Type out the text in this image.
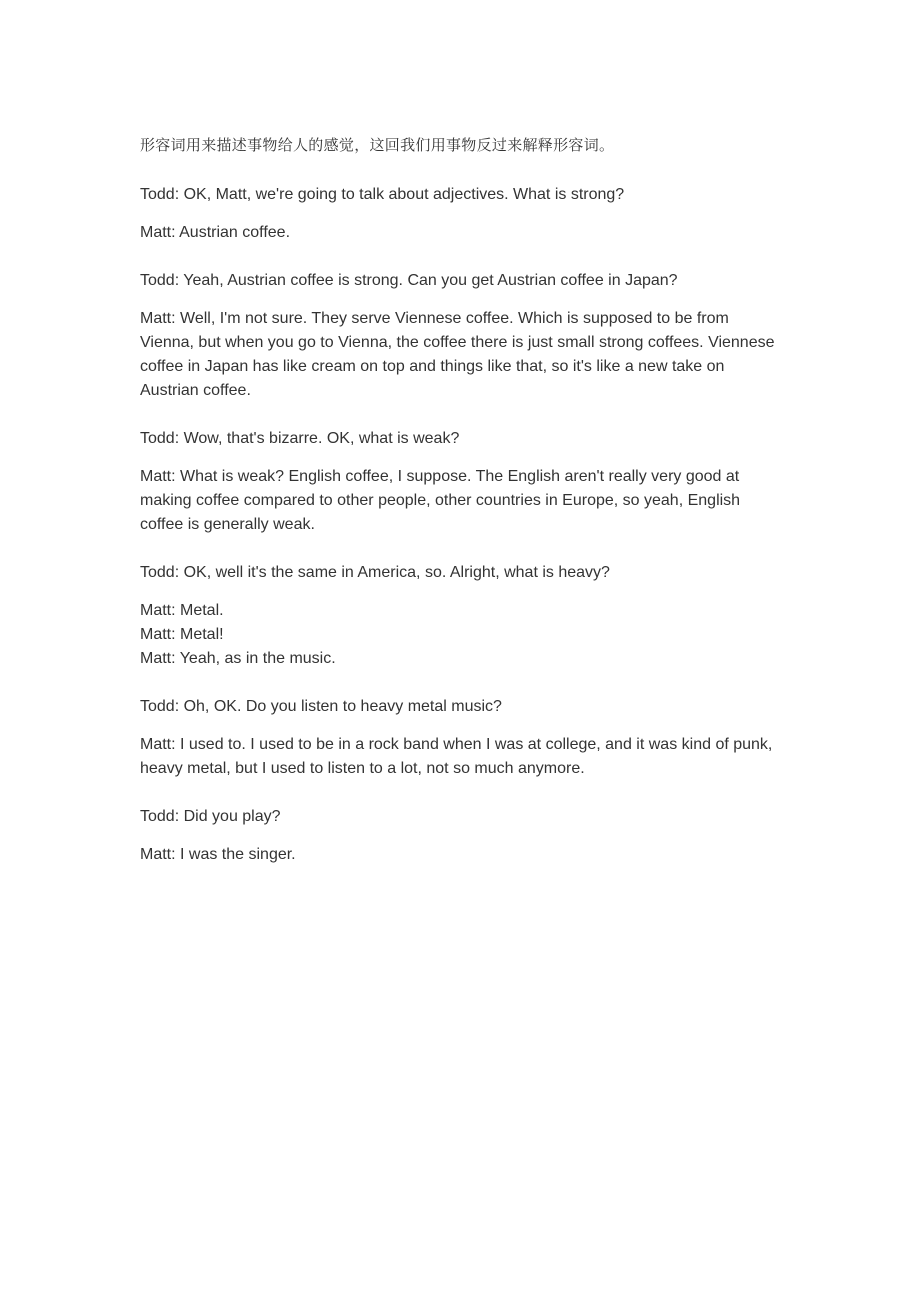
形容词用来描述事物给人的感觉，这回我们用事物反过来解释形容词。

Todd: OK, Matt, we're going to talk about adjectives. What is strong?

Matt: Austrian coffee.

Todd: Yeah, Austrian coffee is strong. Can you get Austrian coffee in Japan?

Matt: Well, I'm not sure. They serve Viennese coffee. Which is supposed to be from
Vienna, but when you go to Vienna, the coffee there is just small strong coffees. Viennese
coffee in Japan has like cream on top and things like that, so it's like a new take on
Austrian coffee.

Todd: Wow, that's bizarre. OK, what is weak?

Matt: What is weak? English coffee, I suppose. The English aren't really very good at
making coffee compared to other people, other countries in Europe, so yeah, English
coffee is generally weak.

Todd: OK, well it's the same in America, so. Alright, what is heavy?

Matt: Metal.
Matt: Metal!
Matt: Yeah, as in the music.

Todd: Oh, OK. Do you listen to heavy metal music?

Matt: I used to. I used to be in a rock band when I was at college, and it was kind of punk,
heavy metal, but I used to listen to a lot, not so much anymore.

Todd: Did you play?

Matt: I was the singer.
